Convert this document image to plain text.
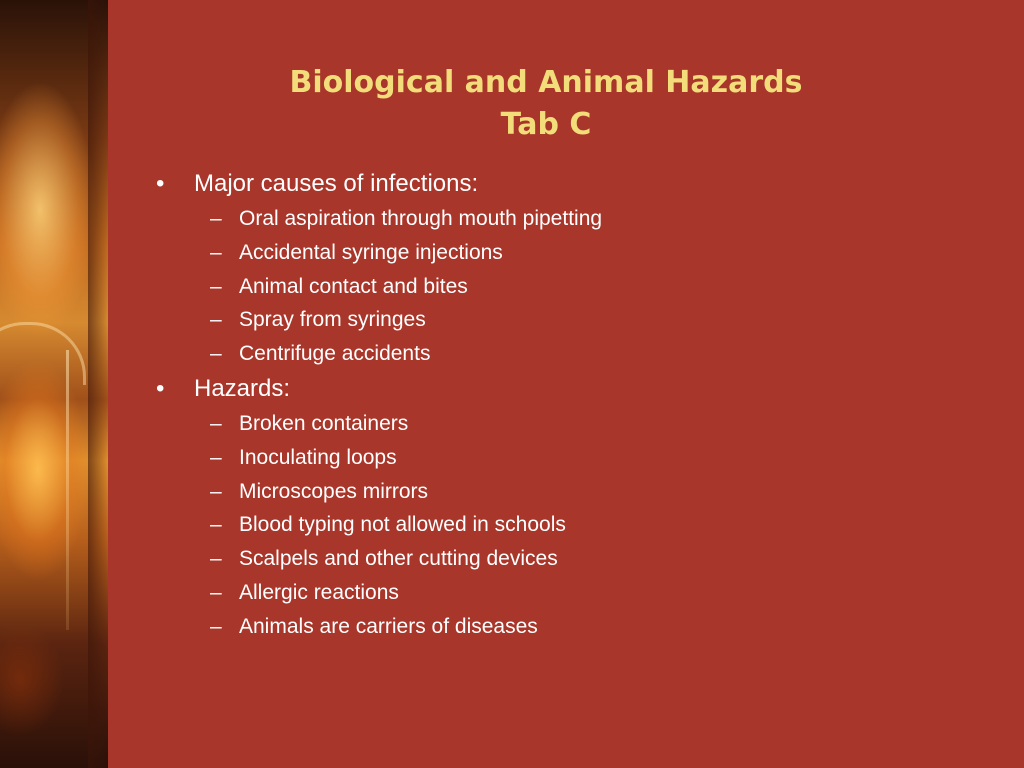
Biological and Animal Hazards
Tab C
• Major causes of infections:
– Oral aspiration through mouth pipetting
– Accidental syringe injections
– Animal contact and bites
– Spray from syringes
– Centrifuge accidents
• Hazards:
– Broken containers
– Inoculating loops
– Microscopes mirrors
– Blood typing not allowed in schools
– Scalpels and other cutting devices
– Allergic reactions
– Animals are carriers of diseases
